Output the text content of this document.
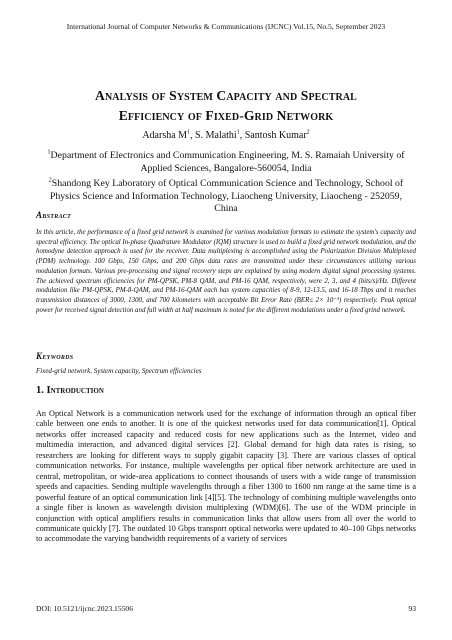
International Journal of Computer Networks & Communications (IJCNC) Vol.15, No.5, September 2023
Analysis of System Capacity and Spectral
Efficiency of Fixed-Grid Network
Adarsha $M^1$, S. Malathi$^1$, Santosh Kumar$^2$

$^1$Department of Electronics and Communication Engineering, M. S. Ramaiah University of Applied Sciences, Bangalore-560054, India

$^2$Shandong Key Laboratory of Optical Communication Science and Technology, School of Physics Science and Information Technology, Liaocheng University, Liaocheng - 252059, China

Abstract
In this article, the performance of a fixed grid network is examined for various modulation formats to estimate the system's capacity and spectral efficiency. The optical In-phase Quadrature Modulator (IQM) structure is used to build a fixed grid network modulation, and the homodyne detection approach is used for the receiver. Data multiplexing is accomplished using the Polarization Division Multiplexed (PDM) technology. 100 Gbps, 150 Gbps, and 200 Gbps data rates are transmitted under these circumstances utilizing various modulation formats. Various pre-processing and signal recovery steps are explained by using modern digital signal processing systems. The achieved spectrum efficiencies for PM-QPSK, PM-8 QAM, and PM-16 QAM, respectively, were 2, 3, and 4 (bits/s)/Hz. Different modulation like PM-QPSK, PM-8-QAM, and PM-16-QAM each has system capacities of 8-9, 12-13.5, and 16-18 Tbps and it reaches transmission distances of 3000, 1300, and 700 kilometers with acceptable Bit Error Rate (BER≤ 2× 10⁻³) respectively. Peak optical power for received signal detection and full width at half maximum is noted for the different modulations under a fixed grind network.
Keywords
Fixed-grid network, System capacity, Spectrum efficiencies
1. Introduction
An Optical Network is a communication network used for the exchange of information through an optical fiber cable between one ends to another. It is one of the quickest networks used for data communication[1]. Optical networks offer increased capacity and reduced costs for new applications such as the Internet, video and multimedia interaction, and advanced digital services [2]. Global demand for high data rates is rising, so researchers are looking for different ways to supply gigabit capacity [3]. There are various classes of optical communication networks. For instance, multiple wavelengths per optical fiber network architecture are used in central, metropolitan, or wide-area applications to connect thousands of users with a wide range of transmission speeds and capacities. Sending multiple wavelengths through a fiber 1300 to 1600 nm range at the same time is a powerful feature of an optical communication link [4][5]. The technology of combining multiple wavelengths onto a single fiber is known as wavelength division multiplexing (WDM)[6]. The use of the WDM principle in conjunction with optical amplifiers results in communication links that allow users from all over the world to communicate quickly [7]. The outdated 10 Gbps transport optical networks were updated to 40–100 Gbps networks to accommodate the varying bandwidth requirements of a variety of services
DOI: 10.5121/ijcnc.2023.15506	93
